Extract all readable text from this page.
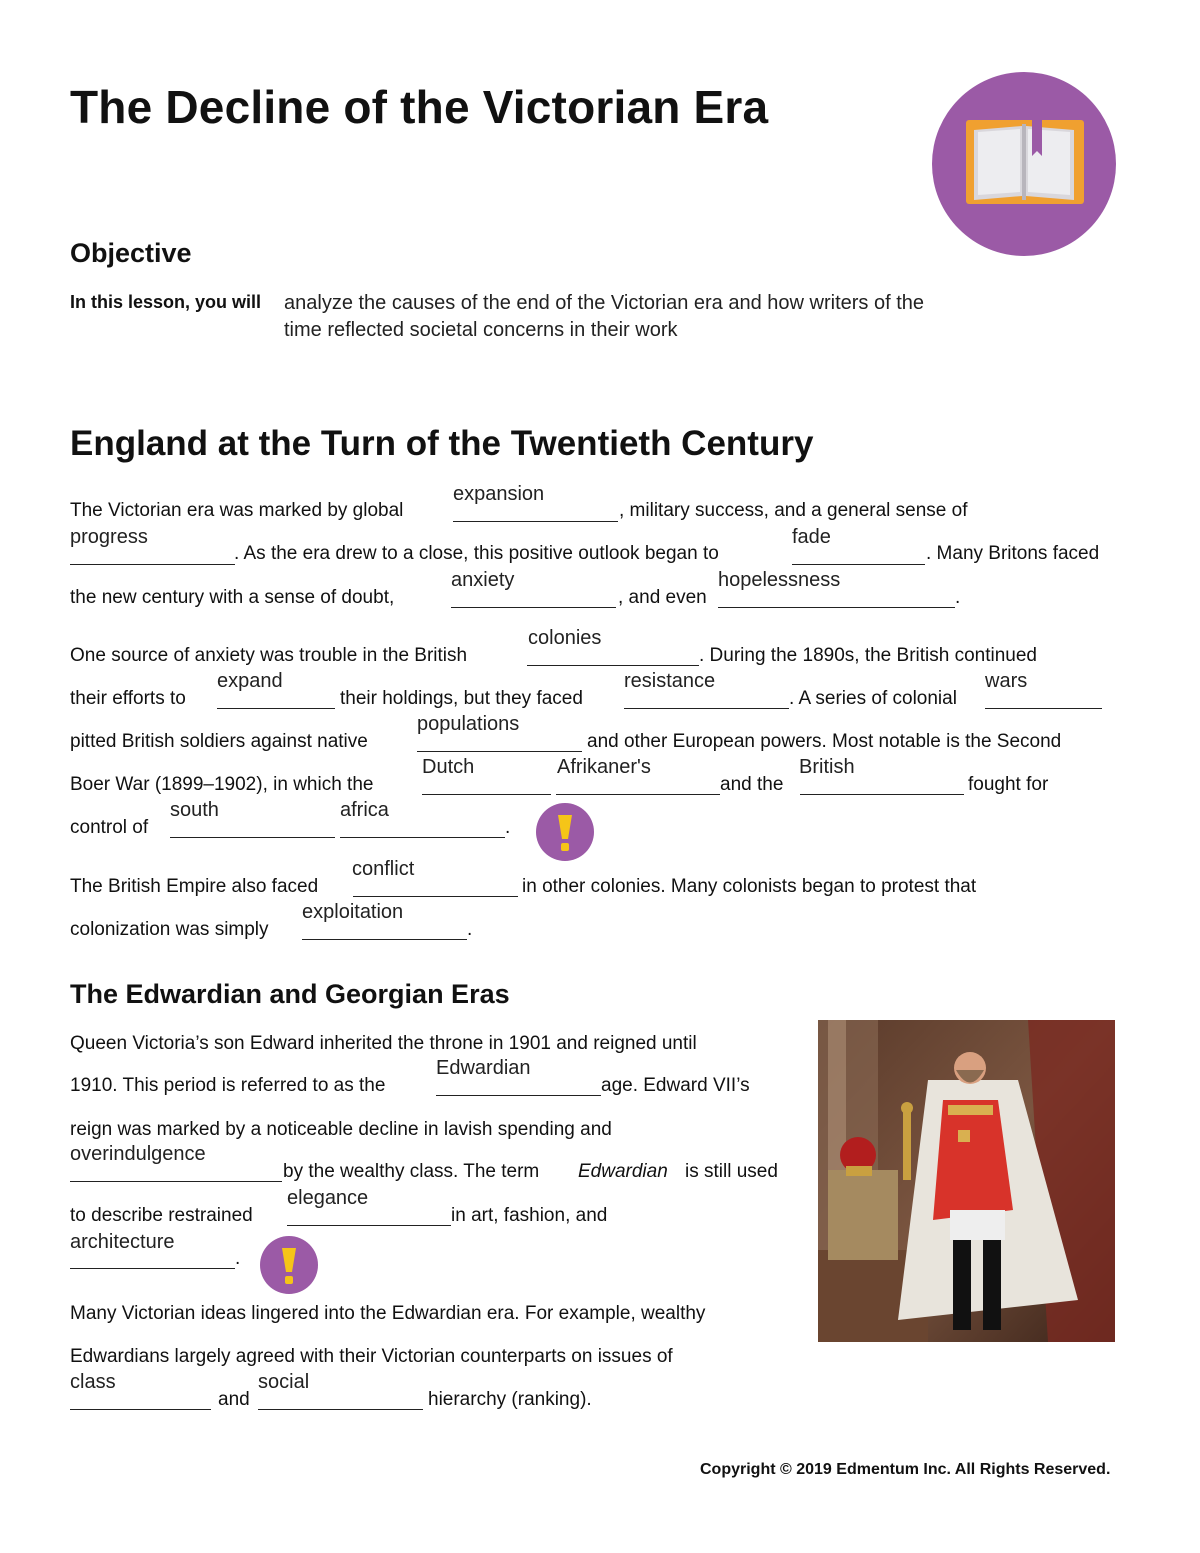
The Decline of the Victorian Era
Objective
In this lesson, you will analyze the causes of the end of the Victorian era and how writers of the
time reflected societal concerns in their work
England at the Turn of the Twentieth Century
The Victorian era was marked by global
expansion
, military success, and a general sense of
progress
. As the era drew to a close, this positive outlook began to
fade
. Many Britons faced
the new century with a sense of doubt,
anxiety
, and even
hopelessness
.
One source of anxiety was trouble in the British
colonies
. During the 1890s, the British continued
their efforts to
expand
their holdings, but they faced
resistance
. A series of colonial
wars
pitted British soldiers against native
populations
and other European powers. Most notable is the Second
Boer War (1899–1902), in which the
Dutch	Afrikaner's
and the
British
fought for
control of
south	africa
.
The British Empire also faced
conflict
in other colonies. Many colonists began to protest that
colonization was simply
exploitation
.
The Edwardian and Georgian Eras
Queen Victoria’s son Edward inherited the throne in 1901 and reigned until
1910. This period is referred to as the
Edwardian
age. Edward VII’s
reign was marked by a noticeable decline in lavish spending and
overindulgence
by the wealthy class. The term Edwardian is still used
to describe restrained
elegance
in art, fashion, and
architecture
.
Many Victorian ideas lingered into the Edwardian era. For example, wealthy
Edwardians largely agreed with their Victorian counterparts on issues of
class
and
social
hierarchy (ranking).
Copyright © 2019 Edmentum Inc. All Rights Reserved.
